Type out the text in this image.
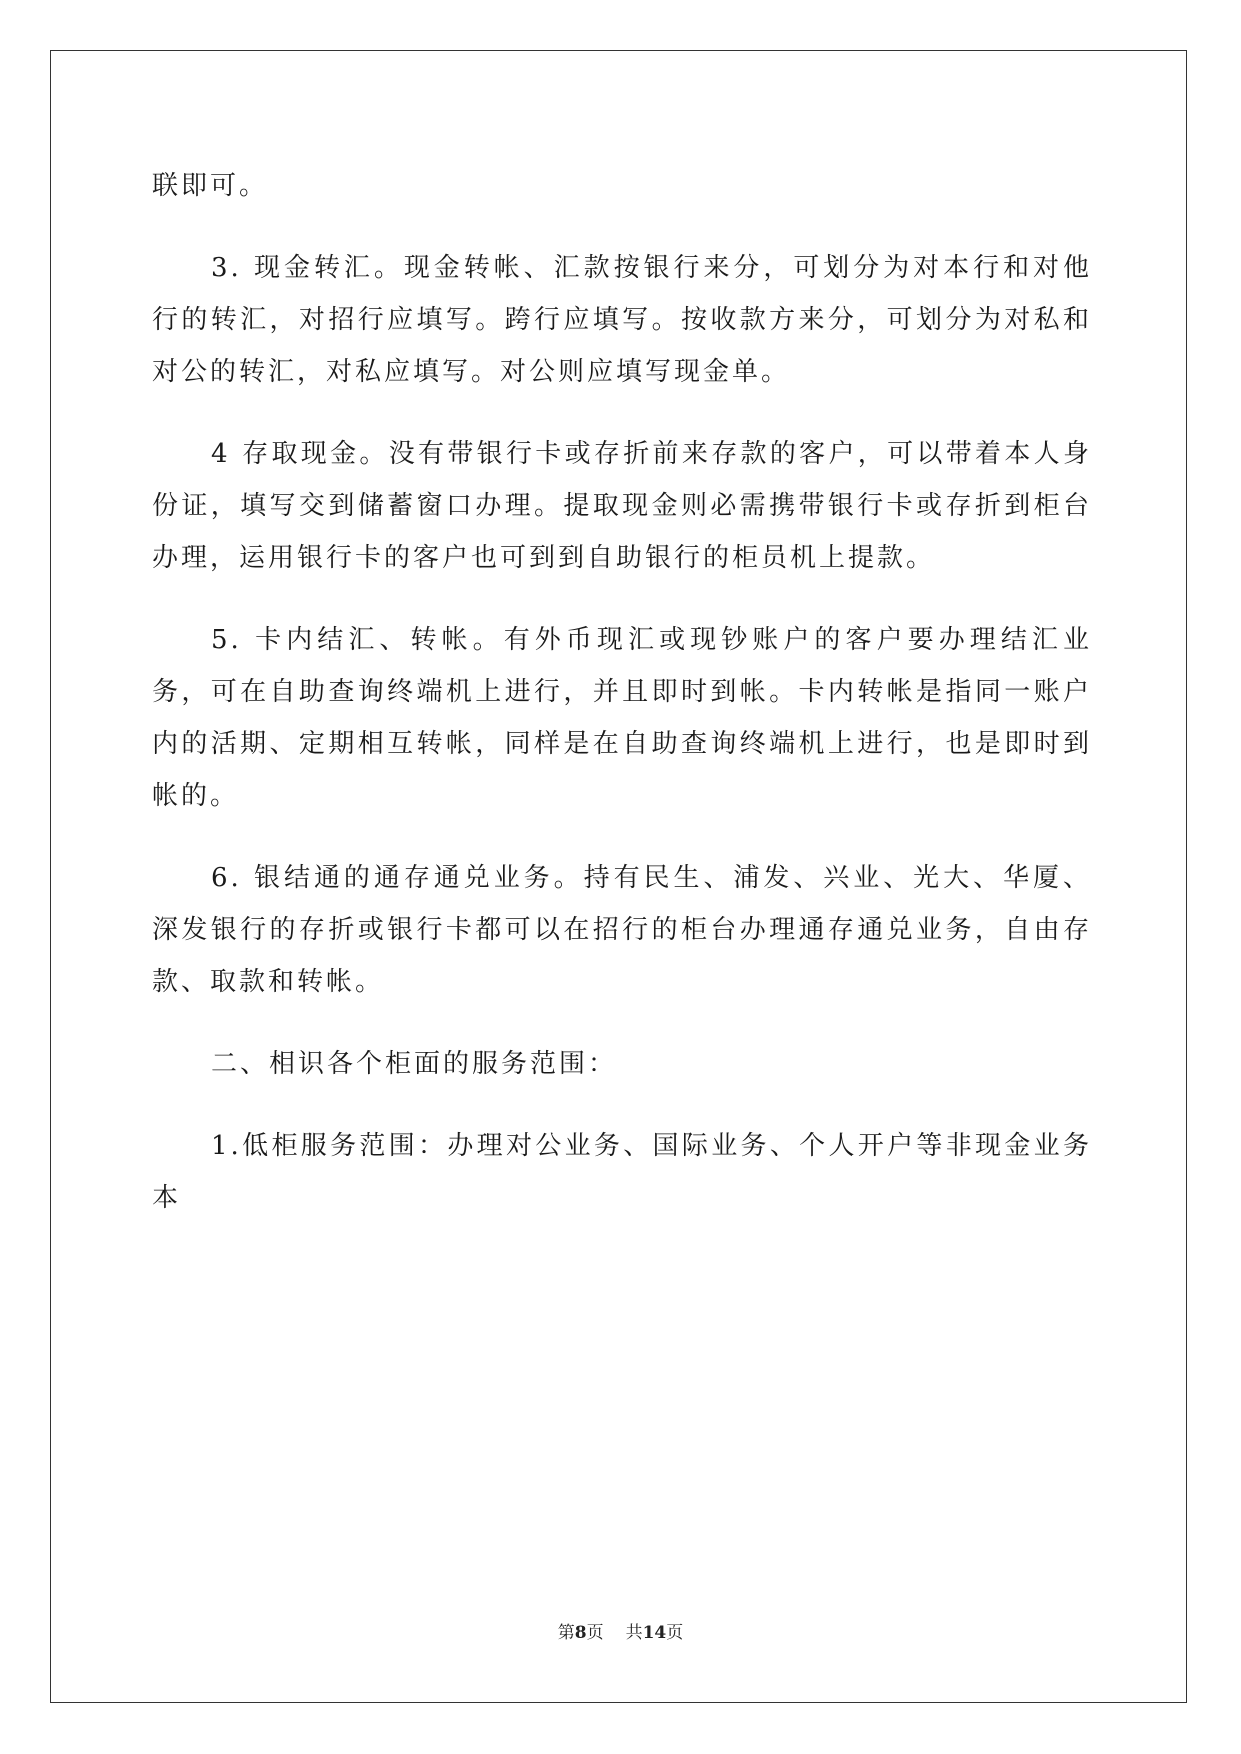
联即可。

3. 现金转汇。现金转帐、汇款按银行来分，可划分为对本行和对他行的转汇，对招行应填写。跨行应填写。按收款方来分，可划分为对私和对公的转汇，对私应填写。对公则应填写现金单。

4 存取现金。没有带银行卡或存折前来存款的客户，可以带着本人身份证，填写交到储蓄窗口办理。提取现金则必需携带银行卡或存折到柜台办理，运用银行卡的客户也可到到自助银行的柜员机上提款。

5. 卡内结汇、转帐。有外币现汇或现钞账户的客户要办理结汇业务，可在自助查询终端机上进行，并且即时到帐。卡内转帐是指同一账户内的活期、定期相互转帐，同样是在自助查询终端机上进行，也是即时到帐的。

6. 银结通的通存通兑业务。持有民生、浦发、兴业、光大、华厦、深发银行的存折或银行卡都可以在招行的柜台办理通存通兑业务，自由存款、取款和转帐。

二、相识各个柜面的服务范围：

1.低柜服务范围：办理对公业务、国际业务、个人开户等非现金业务本

第8页 共14页
